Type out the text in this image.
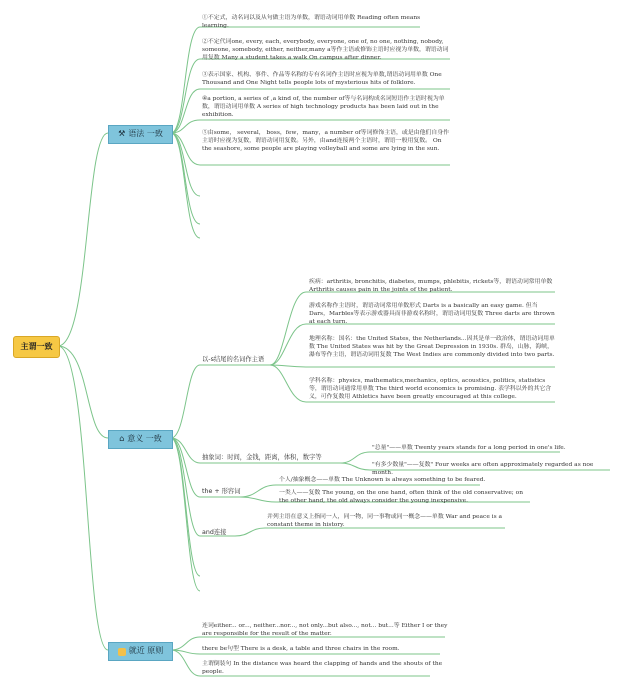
主谓一致
⚒ 语法 一致
①不定式，动名词以及从句做主语为单数，谓语动词用单数 Reading often means learning.
②不定代词one, every, each, everybody, everyone, one of, no one, nothing, nobody, someone, somebody, either, neither,many a等作主语或修饰主语时应视为单数，谓语动词用复数 Many a student takes a walk On campus after dinner.
③表示国家、机构、事件、作品等名称的专有名词作主语时应视为单数,谓语动词用单数 One Thousand and One Night tells people lots of mysterious hits of folklore.
④a portion, a series of ,a kind of, the number of等与名词构成名词短语作主语时视为单数，谓语动词用单数 A series of high technology products has been laid out in the exhibition.
⑤由some， several， boss，few，many，a number of等词修饰主语，或是由他们自身作主语时应视为复数，谓语动词用复数。另外，由and连接两个主语时，谓语一般用复数。 On the seashore, some people are playing volleyball and some are lying in the sun.
⌂ 意义 一致
以-s结尾的名词作主语
疾病：arthritis, bronchitis, diabetes, mumps, phlebitis, rickets等，谓语动词常用单数 Arthritis causes pain in the joints of the patient.
游戏名称作主语时，谓语动词常用单数形式 Darts is a basically an easy game. 但当Dars，Marbles等表示游戏器具而非游戏名称时，谓语动词用复数 Three darts are thrown at each turn.
地理名称：国名：the United States, the Netherlands...因其是单一政治体，谓语动词用单数 The United States was hit by the Great Depression in 1930s. 群岛，山脉，海峡，瀑布等作主语，谓语动词用复数 The West Indies are commonly divided into two parts.
学科名称：physics, mathematics,mechanics, optics, acoustics, politics, statistics等，谓语动词通常用单数 The third world economics is promising. 表学科以外的其它含义，可作复数用 Athletics have been greatly encouraged at this college.
抽象词：时间，金钱，距离，体积，数字等
"总量"——单数 Twenty years stands for a long period in one's life.
"有多少数量"——复数" Four weeks are often approximately regarded as noe month.
the + 形容词
个人/抽象概念——单数 The Unknown is always something to be feared.
一类人——复数 The young, on the one hand, often think of the old conservative; on the other hand, the old always consider the young inexpensive.
and连接
并列主语在意义上指同一人，同一物，同一事物或同一概念——单数 War and peace is a constant theme in history.
就近 原则
连词either... or..., neither...nor..., not only...but also..., not... but...等 Either I or they are responsible for the result of the matter.
there be句型 There is a desk, a table and three chairs in the room.
主谓倒装句 In the distance was heard the clapping of hands and the shouts of the people.
